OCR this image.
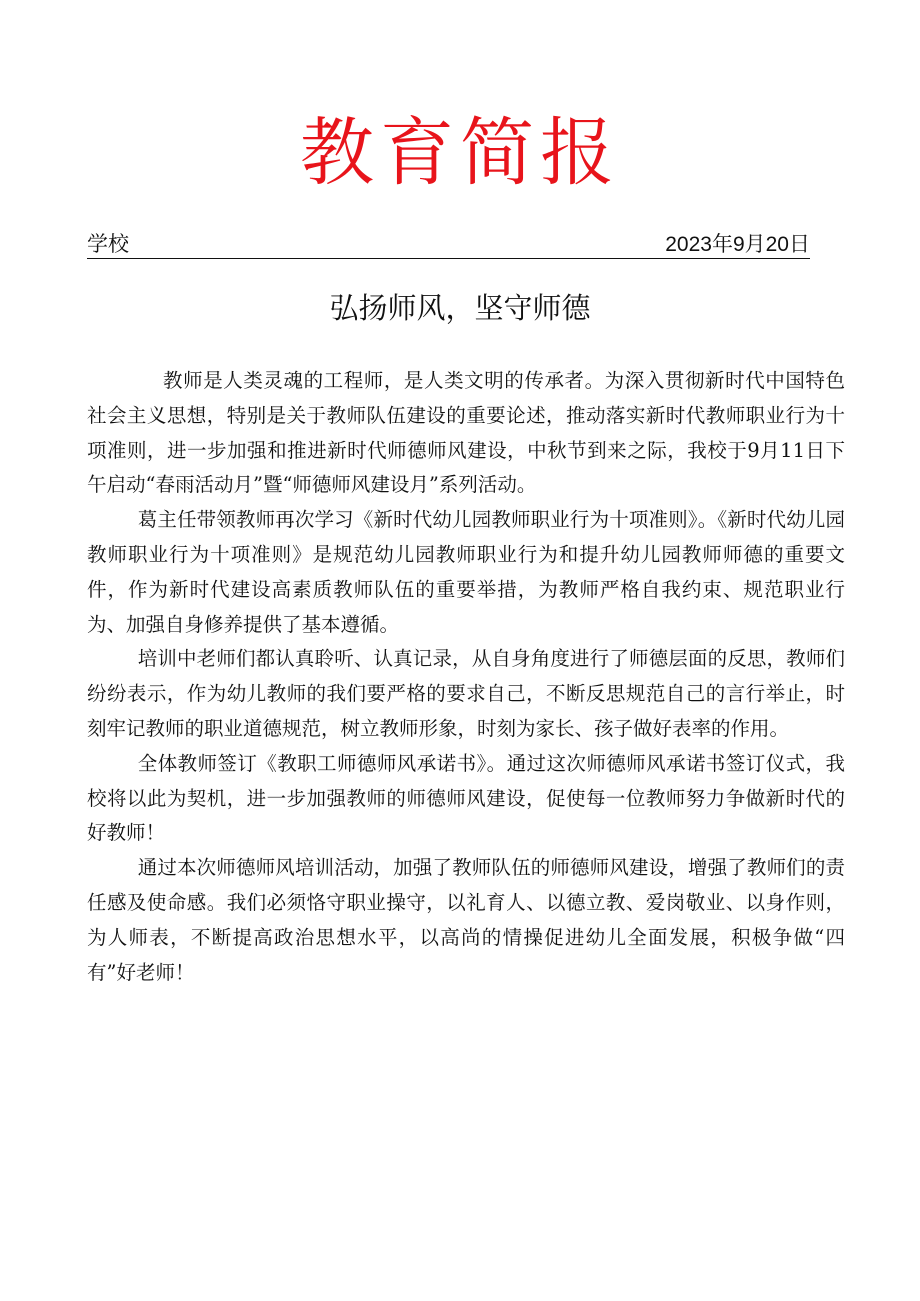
教育简报
学校	2023年9月20日
弘扬师风，坚守师德

教师是人类灵魂的工程师，是人类文明的传承者。为深入贯彻新时代中国特色社会主义思想，特别是关于教师队伍建设的重要论述，推动落实新时代教师职业行为十项准则，进一步加强和推进新时代师德师风建设，中秋节到来之际，我校于9月11日下午启动“春雨活动月”暨“师德师风建设月”系列活动。

葛主任带领教师再次学习《新时代幼儿园教师职业行为十项准则》。《新时代幼儿园教师职业行为十项准则》是规范幼儿园教师职业行为和提升幼儿园教师师德的重要文件，作为新时代建设高素质教师队伍的重要举措，为教师严格自我约束、规范职业行为、加强自身修养提供了基本遵循。

培训中老师们都认真聆听、认真记录，从自身角度进行了师德层面的反思，教师们纷纷表示，作为幼儿教师的我们要严格的要求自己，不断反思规范自己的言行举止，时刻牢记教师的职业道德规范，树立教师形象，时刻为家长、孩子做好表率的作用。

全体教师签订《教职工师德师风承诺书》。通过这次师德师风承诺书签订仪式，我校将以此为契机，进一步加强教师的师德师风建设，促使每一位教师努力争做新时代的好教师！

通过本次师德师风培训活动，加强了教师队伍的师德师风建设，增强了教师们的责任感及使命感。我们必须恪守职业操守，以礼育人、以德立教、爱岗敬业、以身作则，为人师表，不断提高政治思想水平，以高尚的情操促进幼儿全面发展，积极争做“四有”好老师！
